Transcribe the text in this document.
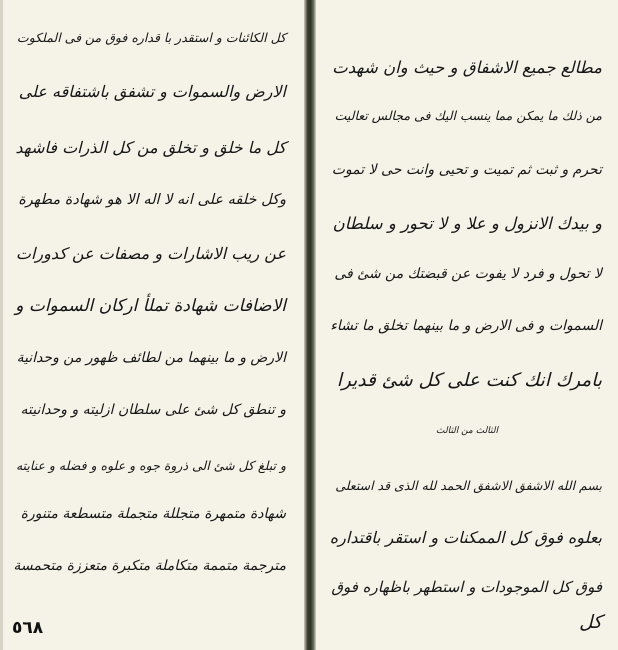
كل الكائنات و استقدر با قداره فوق من فى الملكوت
الارض والسموات و تشفق باشتفاقه على
كل ما خلق و تخلق من كل الذرات فاشهد
وكل خلقه على انه لا اله الا هو شهادة مطهرة
عن ريب الاشارات و مصفات عن كدورات
الاضافات شهادة تملأ اركان السموات و
الارض و ما بينهما من لطائف ظهور من وحدانية
و تنطق كل شئ على سلطان ازليته و وحدانيته
و تبلغ كل شئ الى ذروة جوه و علوه و فضله و عنايته
شهادة متمهرة متجللة متجملة متسطعة متنورة
مترجمة متممة متكاملة متكبرة متعززة متحمسة
٥٦٨
مطالع جميع الاشفاق و حيث وان شهدت
من ذلك ما يمكن مما ينسب اليك فى مجالس تعاليت
تحرم و ثبت ثم تميت و تحيى وانت حى لا تموت
و بيدك الانزول و علا و لا تحور و سلطان
لا تحول و فرد لا يفوت عن قبضتك من شئ فى
السموات و فى الارض و ما بينهما تخلق ما تشاء
بامرك انك كنت على كل شئ قديرا
الثالث من الثالث
بسم الله الاشفق الاشفق الحمد لله الذى قد استعلى
بعلوه فوق كل الممكنات و استقر باقتداره
فوق كل الموجودات و استطهر باظهاره فوق
كل
